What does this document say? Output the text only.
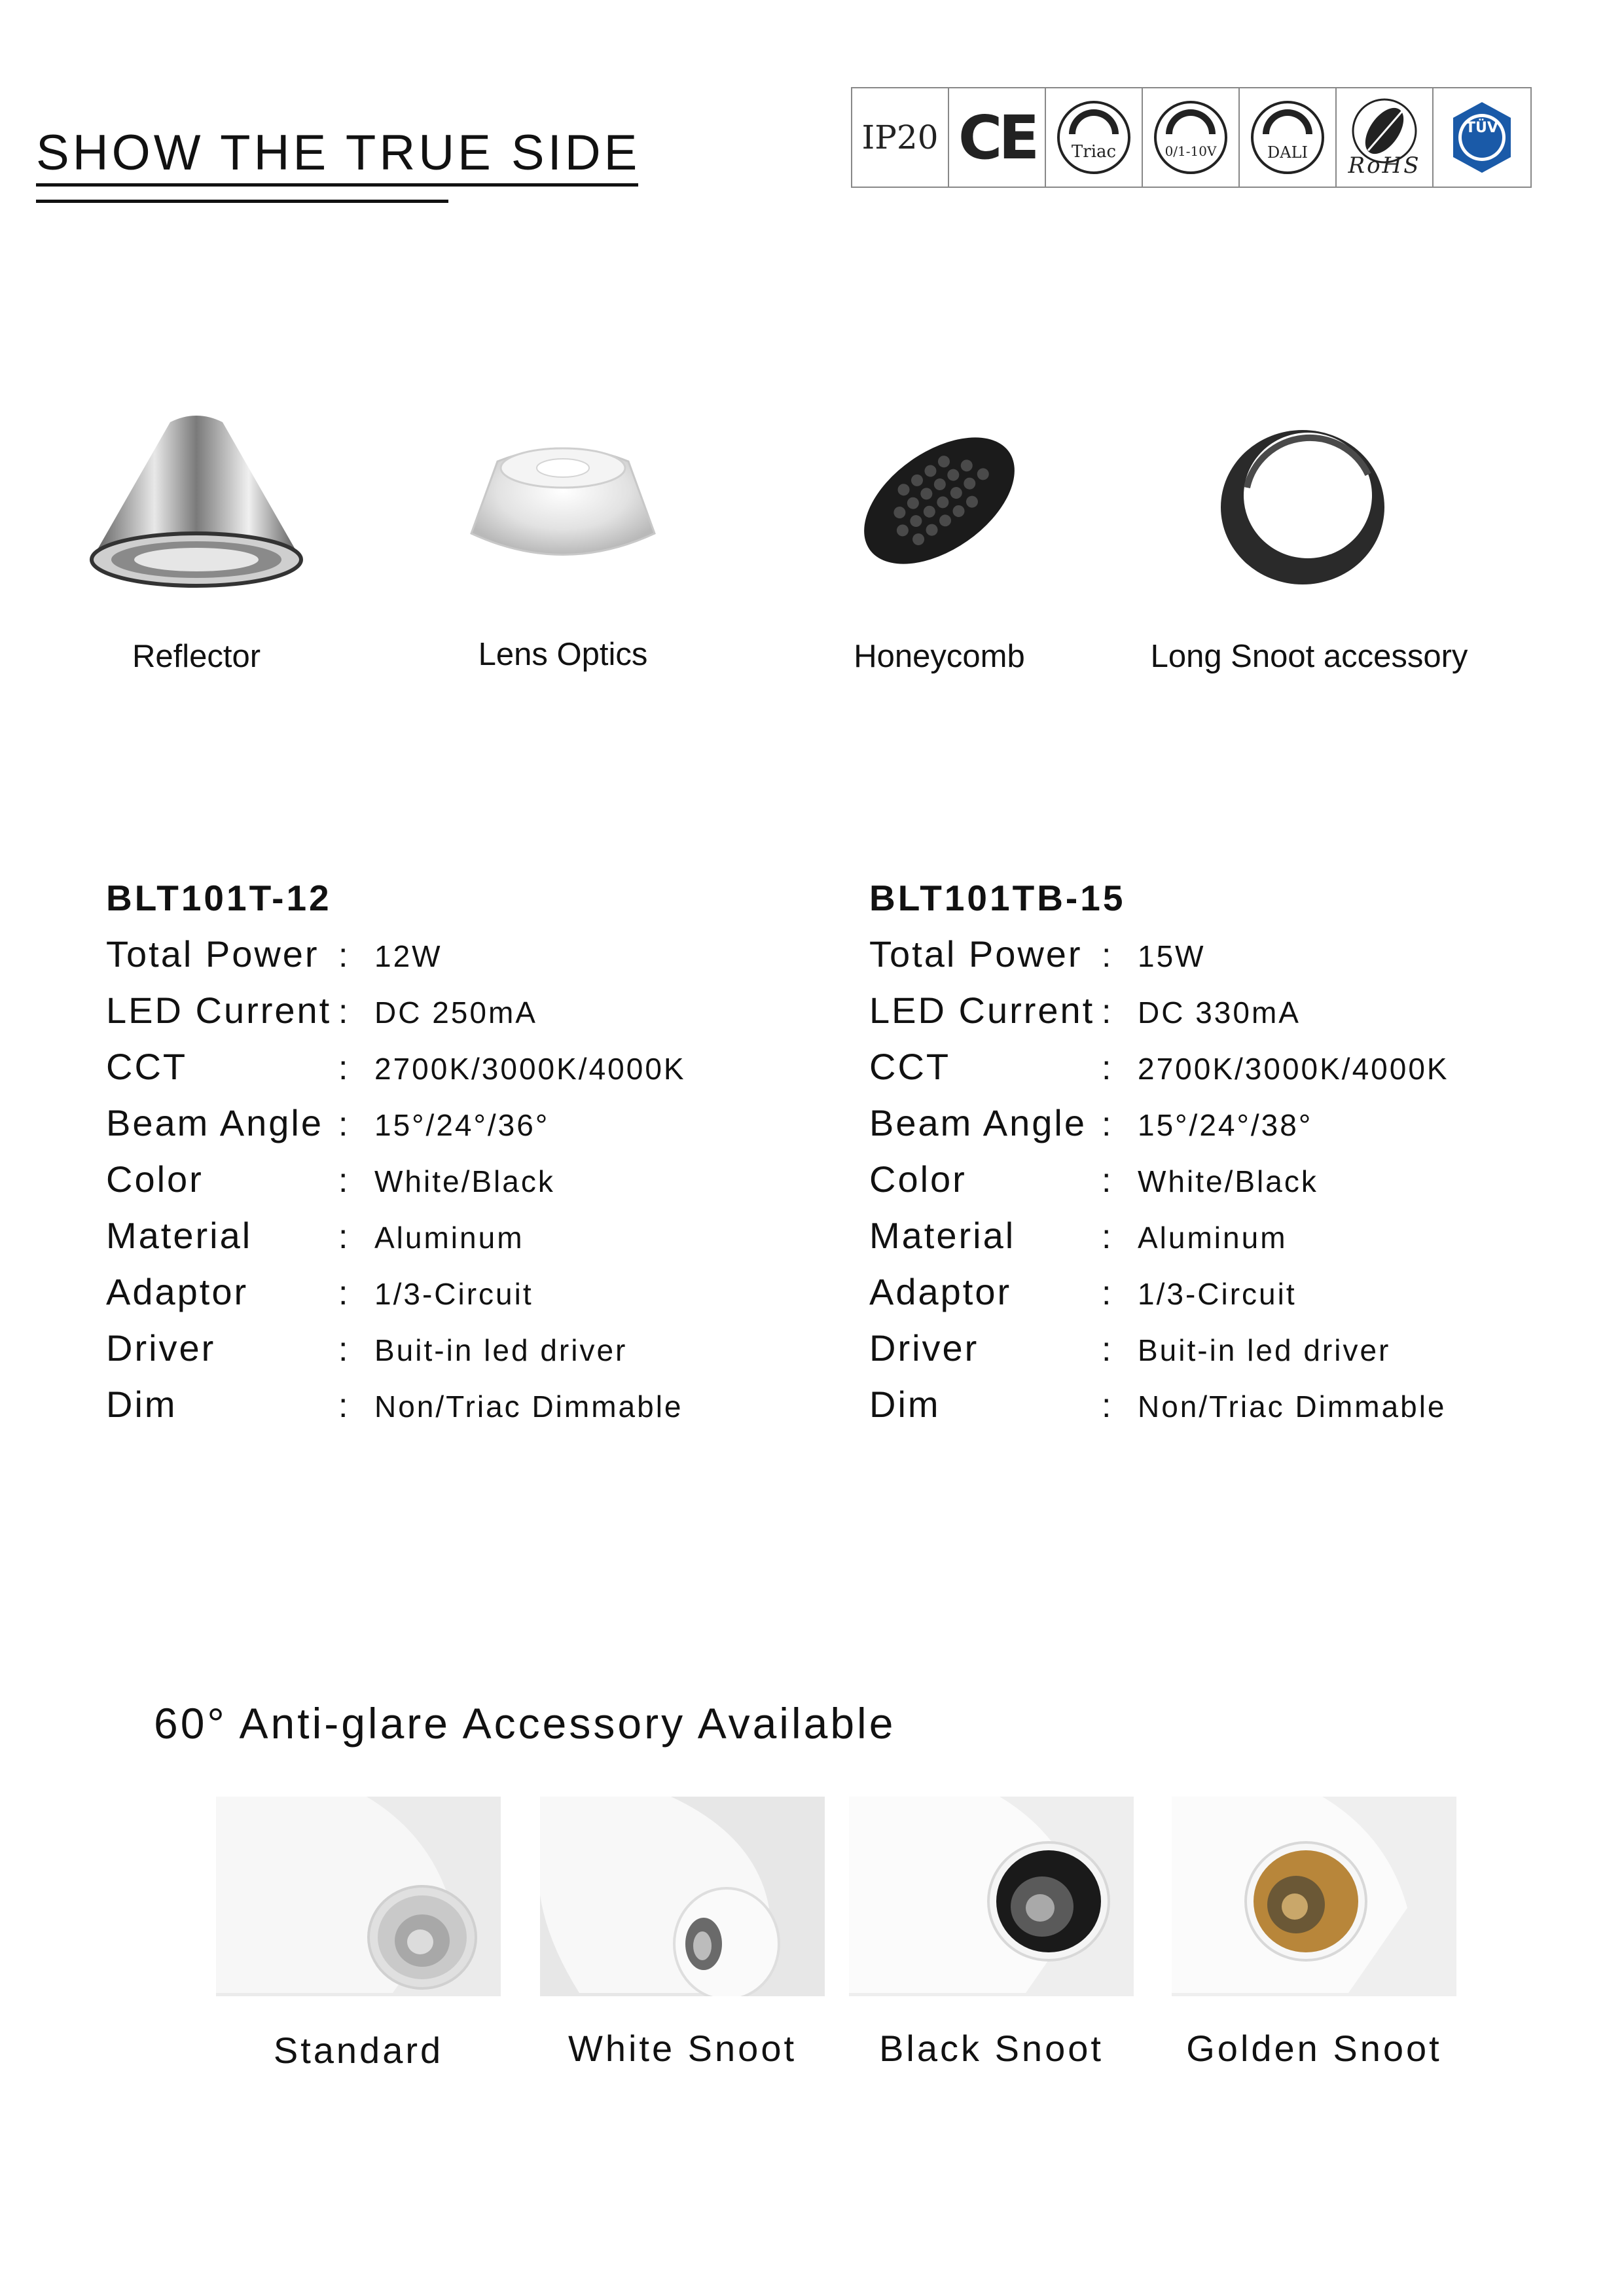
SHOW THE TRUE SIDE	IP20 CE Triac	0/1-10V	DALI RoHS
TÜV
Reflector	Lens Optics	Honeycomb	Long Snoot accessory
BLT101T-12	BLT101TB-15
Total Power : 12W
LED Current : DC 250mA
CCT	: 2700K/3000K/4000K
Beam Angle : 15°/24°/36°
Color	: White/Black
Material	: Aluminum
Adaptor	: 1/3-Circuit
Driver	: Buit-in led driver
Dim	: Non/Triac Dimmable
Total Power : 15W
LED Current : DC 330mA
CCT	: 2700K/3000K/4000K
Beam Angle : 15°/24°/38°
Color	: White/Black
Material	: Aluminum
Adaptor	: 1/3-Circuit
Driver	: Buit-in led driver
Dim	: Non/Triac Dimmable
60° Anti-glare Accessory Available
Standard	White Snoot	Black Snoot	Golden Snoot
